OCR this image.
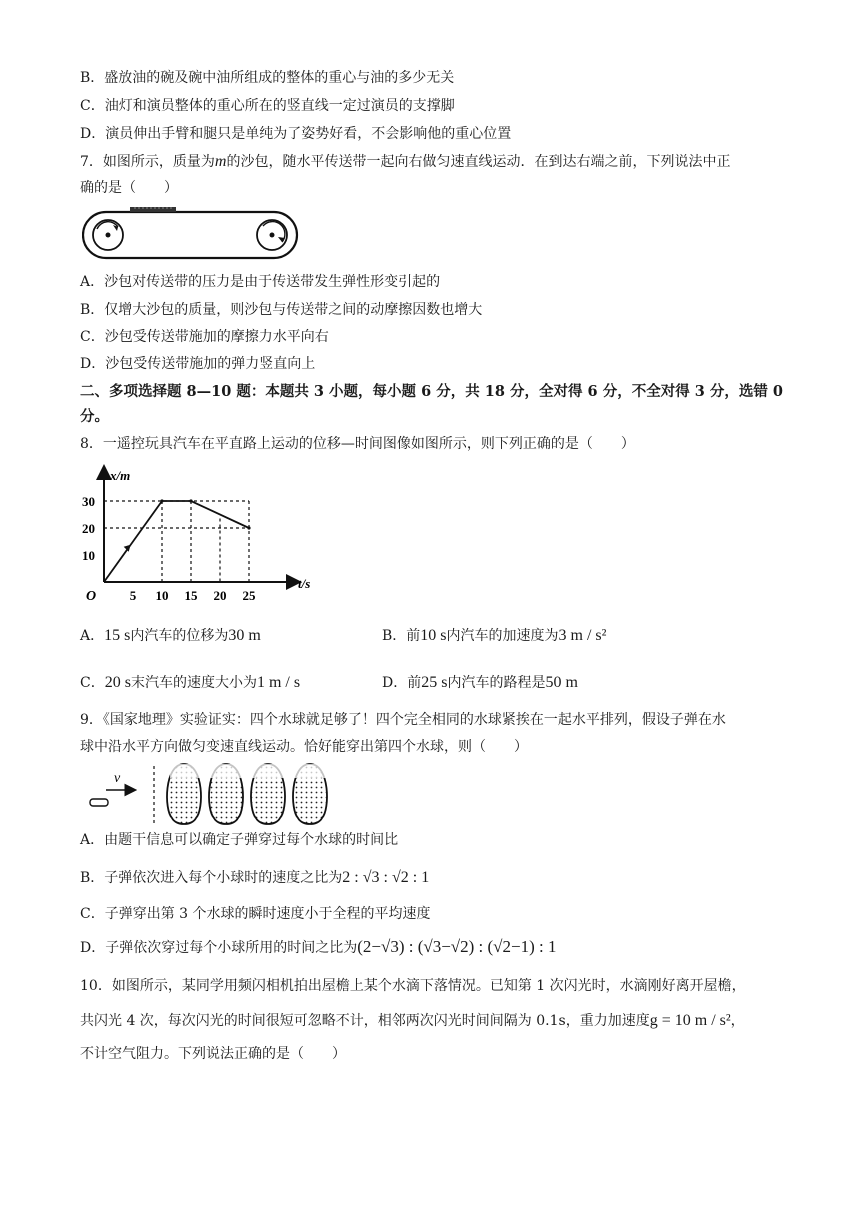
B．盛放油的碗及碗中油所组成的整体的重心与油的多少无关
C．油灯和演员整体的重心所在的竖直线一定过演员的支撑脚
D．演员伸出手臂和腿只是单纯为了姿势好看，不会影响他的重心位置
7．如图所示，质量为m的沙包，随水平传送带一起向右做匀速直线运动．在到达右端之前，下列说法中正
确的是（　　）
A．沙包对传送带的压力是由于传送带发生弹性形变引起的
B．仅增大沙包的质量，则沙包与传送带之间的动摩擦因数也增大
C．沙包受传送带施加的摩擦力水平向右
D．沙包受传送带施加的弹力竖直向上
二、多项选择题 8—10 题：本题共 3 小题，每小题 6 分，共 18 分，全对得 6 分，不全对得 3 分，选错 0 分。
8．一遥控玩具汽车在平直路上运动的位移—时间图像如图所示，则下列正确的是（　　）
x/m
t/s
O
10
20
30
5 10 15 20 25
A．15 s内汽车的位移为30 m	B．前10 s内汽车的加速度为3 m / s²
C．20 s末汽车的速度大小为1 m / s	D．前25 s内汽车的路程是50 m
9．《国家地理》实验证实：四个水球就足够了！四个完全相同的水球紧挨在一起水平排列，假设子弹在水
球中沿水平方向做匀变速直线运动。恰好能穿出第四个水球，则（　　）
v
A．由题干信息可以确定子弹穿过每个水球的时间比
B．子弹依次进入每个小球时的速度之比为2 : √3 : √2 : 1
C．子弹穿出第 3 个水球的瞬时速度小于全程的平均速度
D．子弹依次穿过每个小球所用的时间之比为(2−√3) : (√3−√2) : (√2−1) : 1
10．如图所示，某同学用频闪相机拍出屋檐上某个水滴下落情况。已知第 1 次闪光时，水滴刚好离开屋檐，
共闪光 4 次，每次闪光的时间很短可忽略不计，相邻两次闪光时间间隔为 0.1s，重力加速度g = 10 m / s²，
不计空气阻力。下列说法正确的是（　　）
